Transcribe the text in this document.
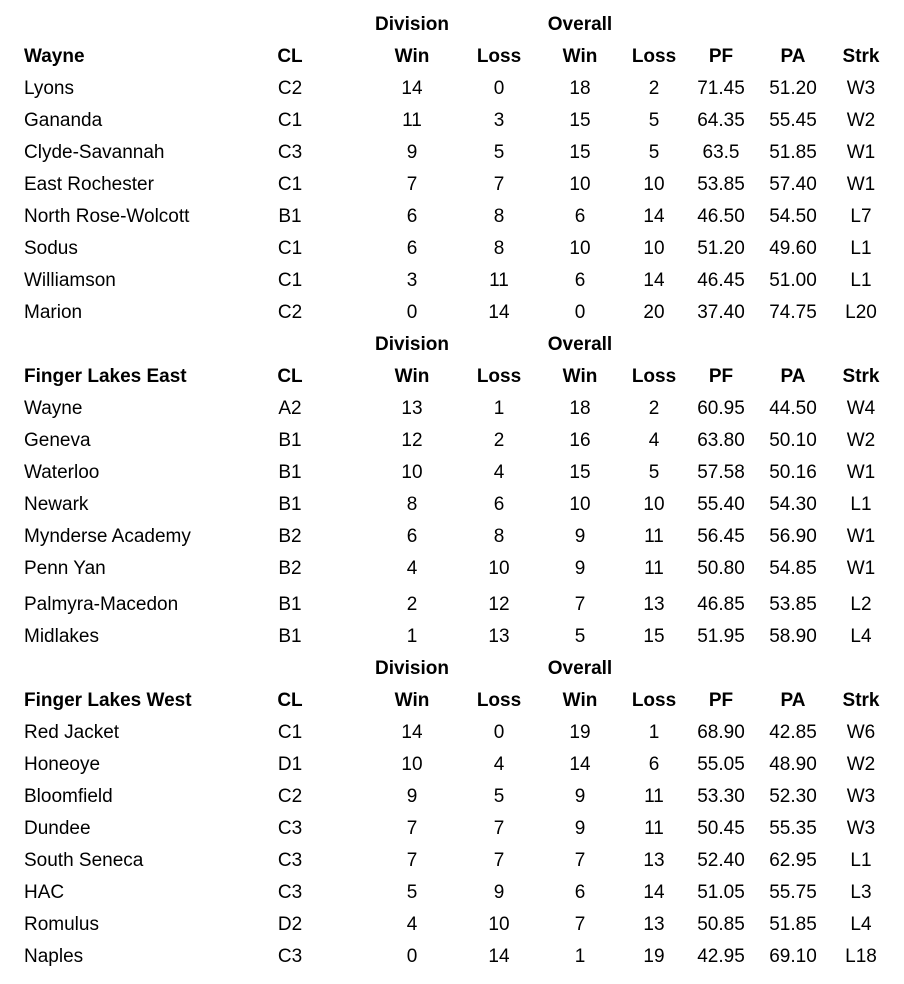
Division	Overall
Wayne	CL	Win	Loss	Win	Loss	PF	PA	Strk
Lyons	C2	14	0	18	2	71.45	51.20	W3
Gananda	C1	11	3	15	5	64.35	55.45	W2
Clyde-Savannah	C3	9	5	15	5	63.5	51.85	W1
East Rochester	C1	7	7	10	10	53.85	57.40	W1
North Rose-Wolcott	B1	6	8	6	14	46.50	54.50	L7
Sodus	C1	6	8	10	10	51.20	49.60	L1
Williamson	C1	3	11	6	14	46.45	51.00	L1
Marion	C2	0	14	0	20	37.40	74.75	L20
Division	Overall
Finger Lakes East	CL	Win	Loss	Win	Loss	PF	PA	Strk
Wayne	A2	13	1	18	2	60.95	44.50	W4
Geneva	B1	12	2	16	4	63.80	50.10	W2
Waterloo	B1	10	4	15	5	57.58	50.16	W1
Newark	B1	8	6	10	10	55.40	54.30	L1
Mynderse Academy	B2	6	8	9	11	56.45	56.90	W1
Penn Yan	B2	4	10	9	11	50.80	54.85	W1
Palmyra-Macedon	B1	2	12	7	13	46.85	53.85	L2
Midlakes	B1	1	13	5	15	51.95	58.90	L4
Division	Overall
Finger Lakes West	CL	Win	Loss	Win	Loss	PF	PA	Strk
Red Jacket	C1	14	0	19	1	68.90	42.85	W6
Honeoye	D1	10	4	14	6	55.05	48.90	W2
Bloomfield	C2	9	5	9	11	53.30	52.30	W3
Dundee	C3	7	7	9	11	50.45	55.35	W3
South Seneca	C3	7	7	7	13	52.40	62.95	L1
HAC	C3	5	9	6	14	51.05	55.75	L3
Romulus	D2	4	10	7	13	50.85	51.85	L4
Naples	C3	0	14	1	19	42.95	69.10	L18
